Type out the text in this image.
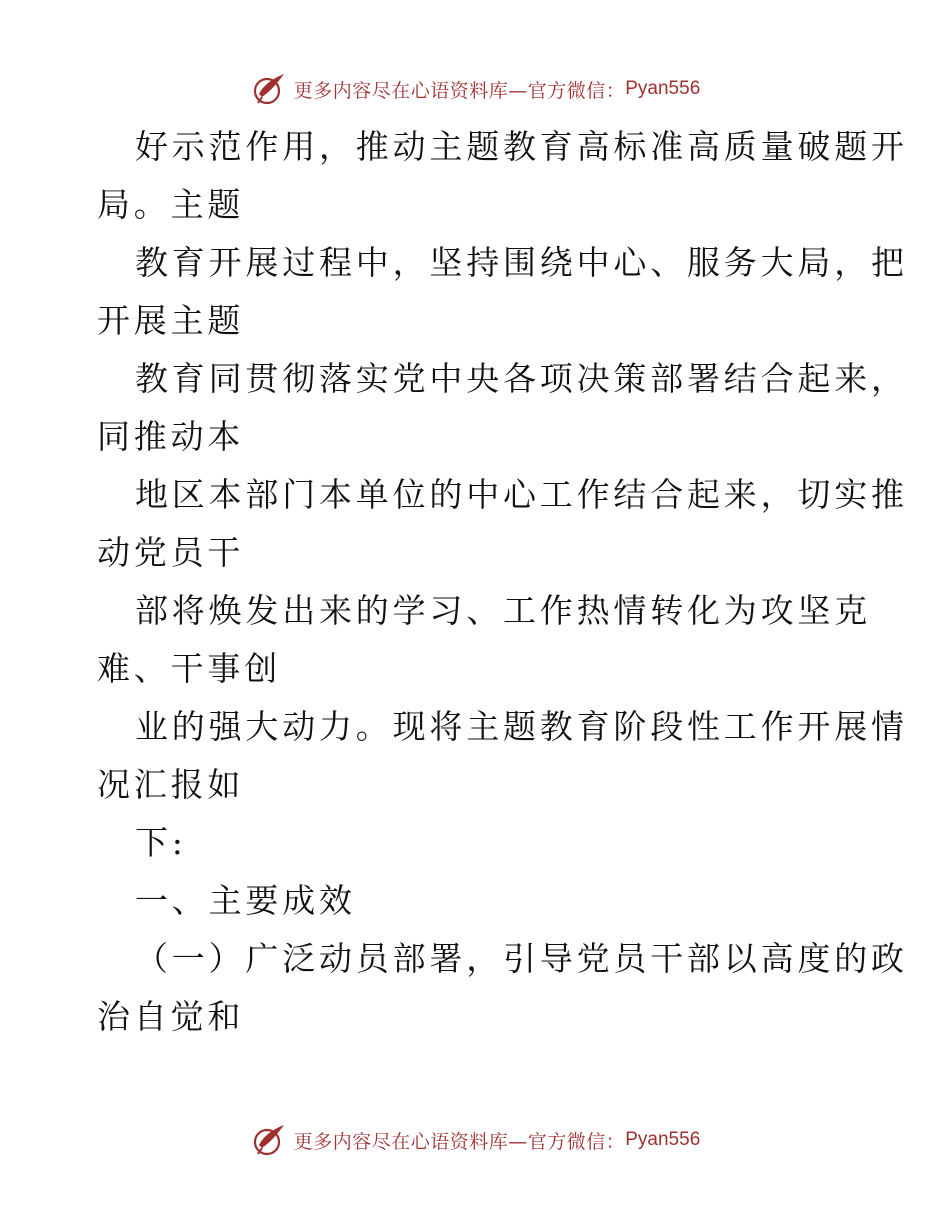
更多内容尽在心语资料库—官方微信： Pyan556

好示范作用，推动主题教育高标准高质量破题开

局。主题

教育开展过程中，坚持围绕中心、服务大局，把

开展主题

教育同贯彻落实党中央各项决策部署结合起来，

同推动本

地区本部门本单位的中心工作结合起来，切实推

动党员干

部将焕发出来的学习、工作热情转化为攻坚克

难、干事创

业的强大动力。现将主题教育阶段性工作开展情

况汇报如

下:

一、主要成效

（一）广泛动员部署，引导党员干部以高度的政

治自觉和

更多内容尽在心语资料库—官方微信： Pyan556
